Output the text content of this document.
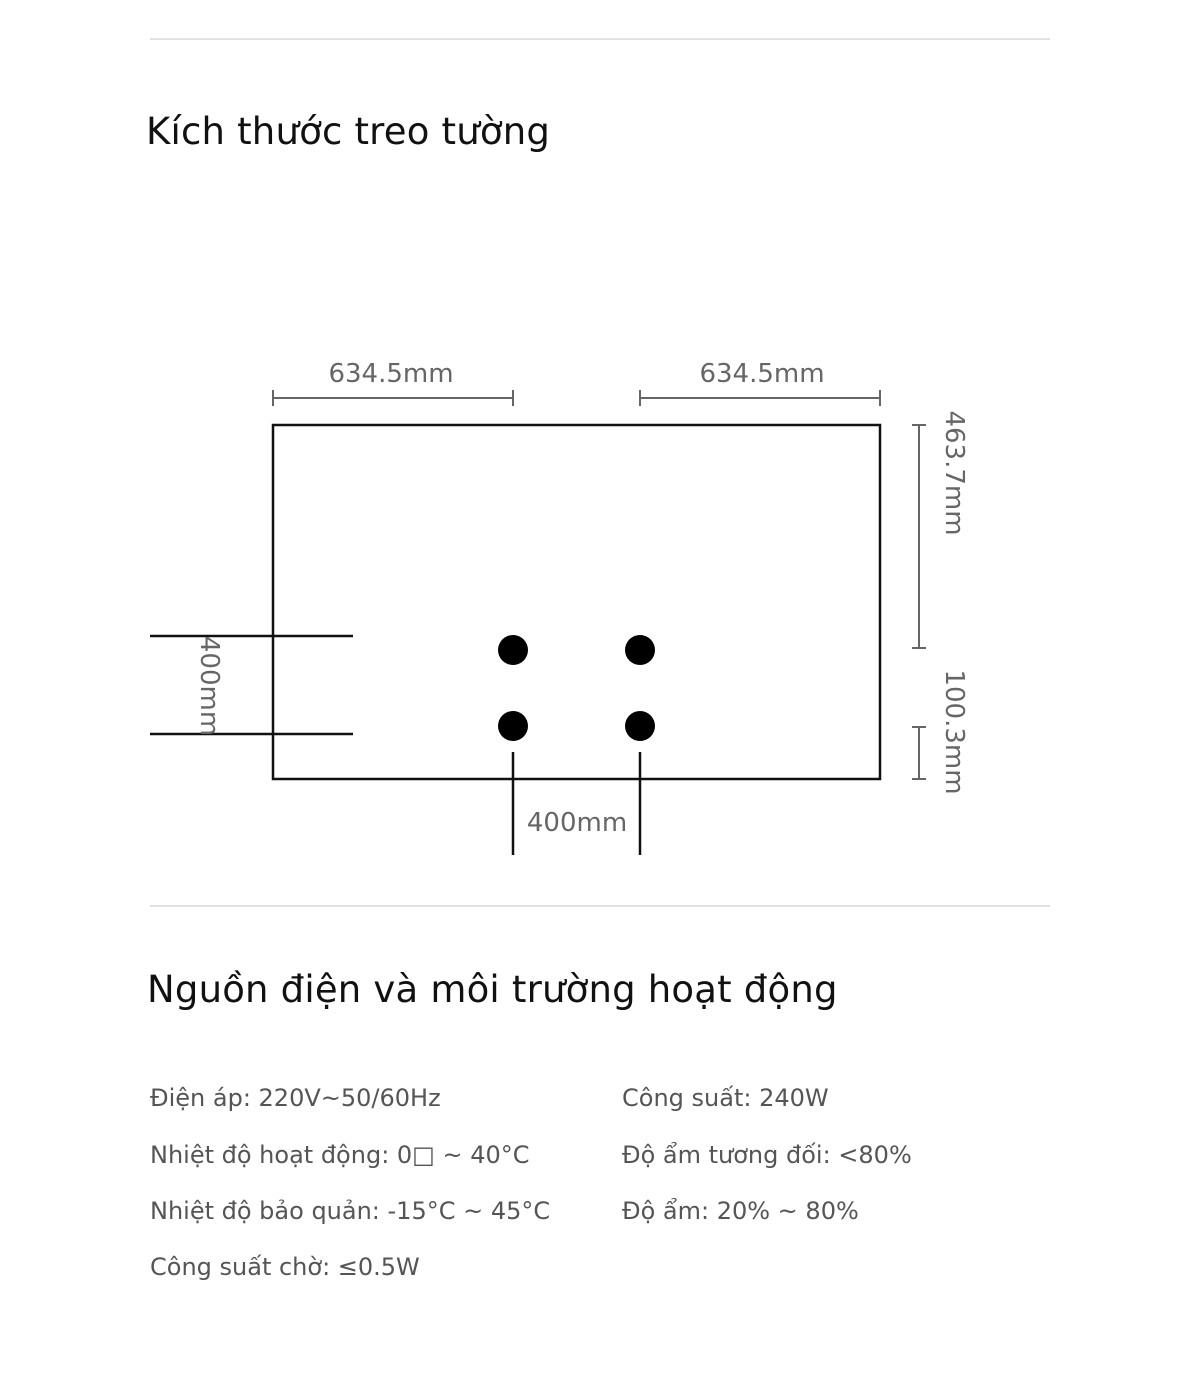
Kích thước treo tường
634.5mm	634.5mm
463.7mm
100.3mm
400mm
400mm
Nguồn điện và môi trường hoạt động
Điện áp: 220V~50/60Hz
Nhiệt độ hoạt động: 0□ ~ 40°C
Nhiệt độ bảo quản: -15°C ~ 45°C
Công suất chờ: ≤0.5W
Công suất: 240W
Độ ẩm tương đối: <80%
Độ ẩm: 20% ~ 80%
